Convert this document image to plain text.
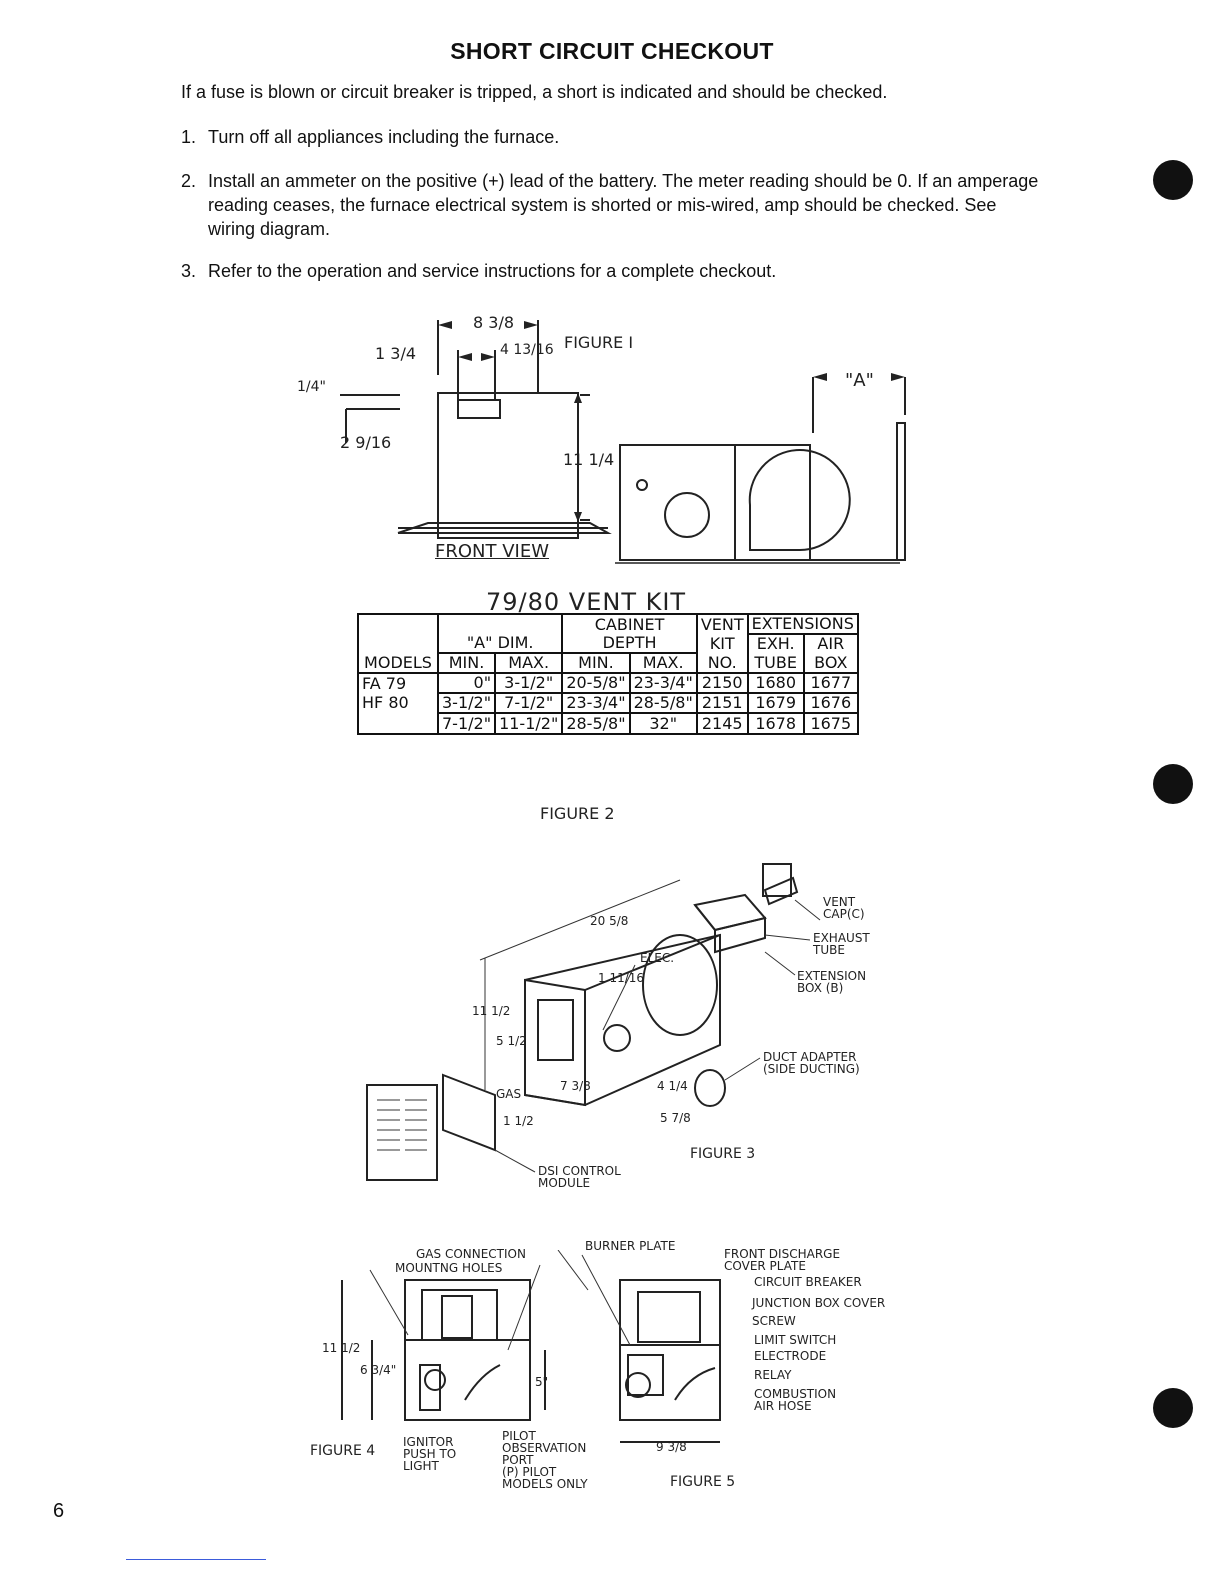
SHORT CIRCUIT CHECKOUT
If a fuse is blown or circuit breaker is tripped, a short is indicated and should be checked.
1. Turn off all appliances including the furnace.
2. Install an ammeter on the positive (+) lead of the battery. The meter reading should be 0. If an amperage reading ceases, the furnace electrical system is shorted or mis-wired, amp should be checked. See wiring diagram.
3. Refer to the operation and service instructions for a complete checkout.
8 3/8
4 13/16
1 3/4
1/4"
2 9/16
11 1/4
"A"
FIGURE I
FRONT VIEW
79/80 VENT KIT
			CABINET		VENT	EXTENSIONS	
	"A" DIM.		DEPTH		KIT	EXH.	AIR
MODELS	MIN.	MAX.	MIN.	MAX.	NO.	TUBE	BOX
FA 79	0"	3-1/2"	20-5/8"	23-3/4"	2150	1680	1677
HF 80	3-1/2"	7-1/2"	23-3/4"	28-5/8"	2151	1679	1676
	7-1/2"	11-1/2"	28-5/8"	32"	2145	1678	1675
FIGURE 2
VENT
CAP(C)
EXHAUST
TUBE
EXTENSION
BOX (B)
DUCT ADAPTER
(SIDE DUCTING)
DSI CONTROL
MODULE
ELEC.
GAS
20 5/8
11 1/2
5 1/2
1 11/16
7 3/8	4 1/4
5 7/8
1 1/2
FIGURE 3
GAS CONNECTION
MOUNTNG HOLES
11 1/2
6 3/4"
5"
IGNITOR
PUSH TO
LIGHT
PILOT
OBSERVATION
PORT
(P) PILOT
MODELS ONLY
FIGURE 4
BURNER PLATE
FRONT DISCHARGE
COVER PLATE
CIRCUIT BREAKER
JUNCTION BOX COVER
SCREW
LIMIT SWITCH
ELECTRODE
RELAY
COMBUSTION
AIR HOSE
9 3/8
FIGURE 5
6
